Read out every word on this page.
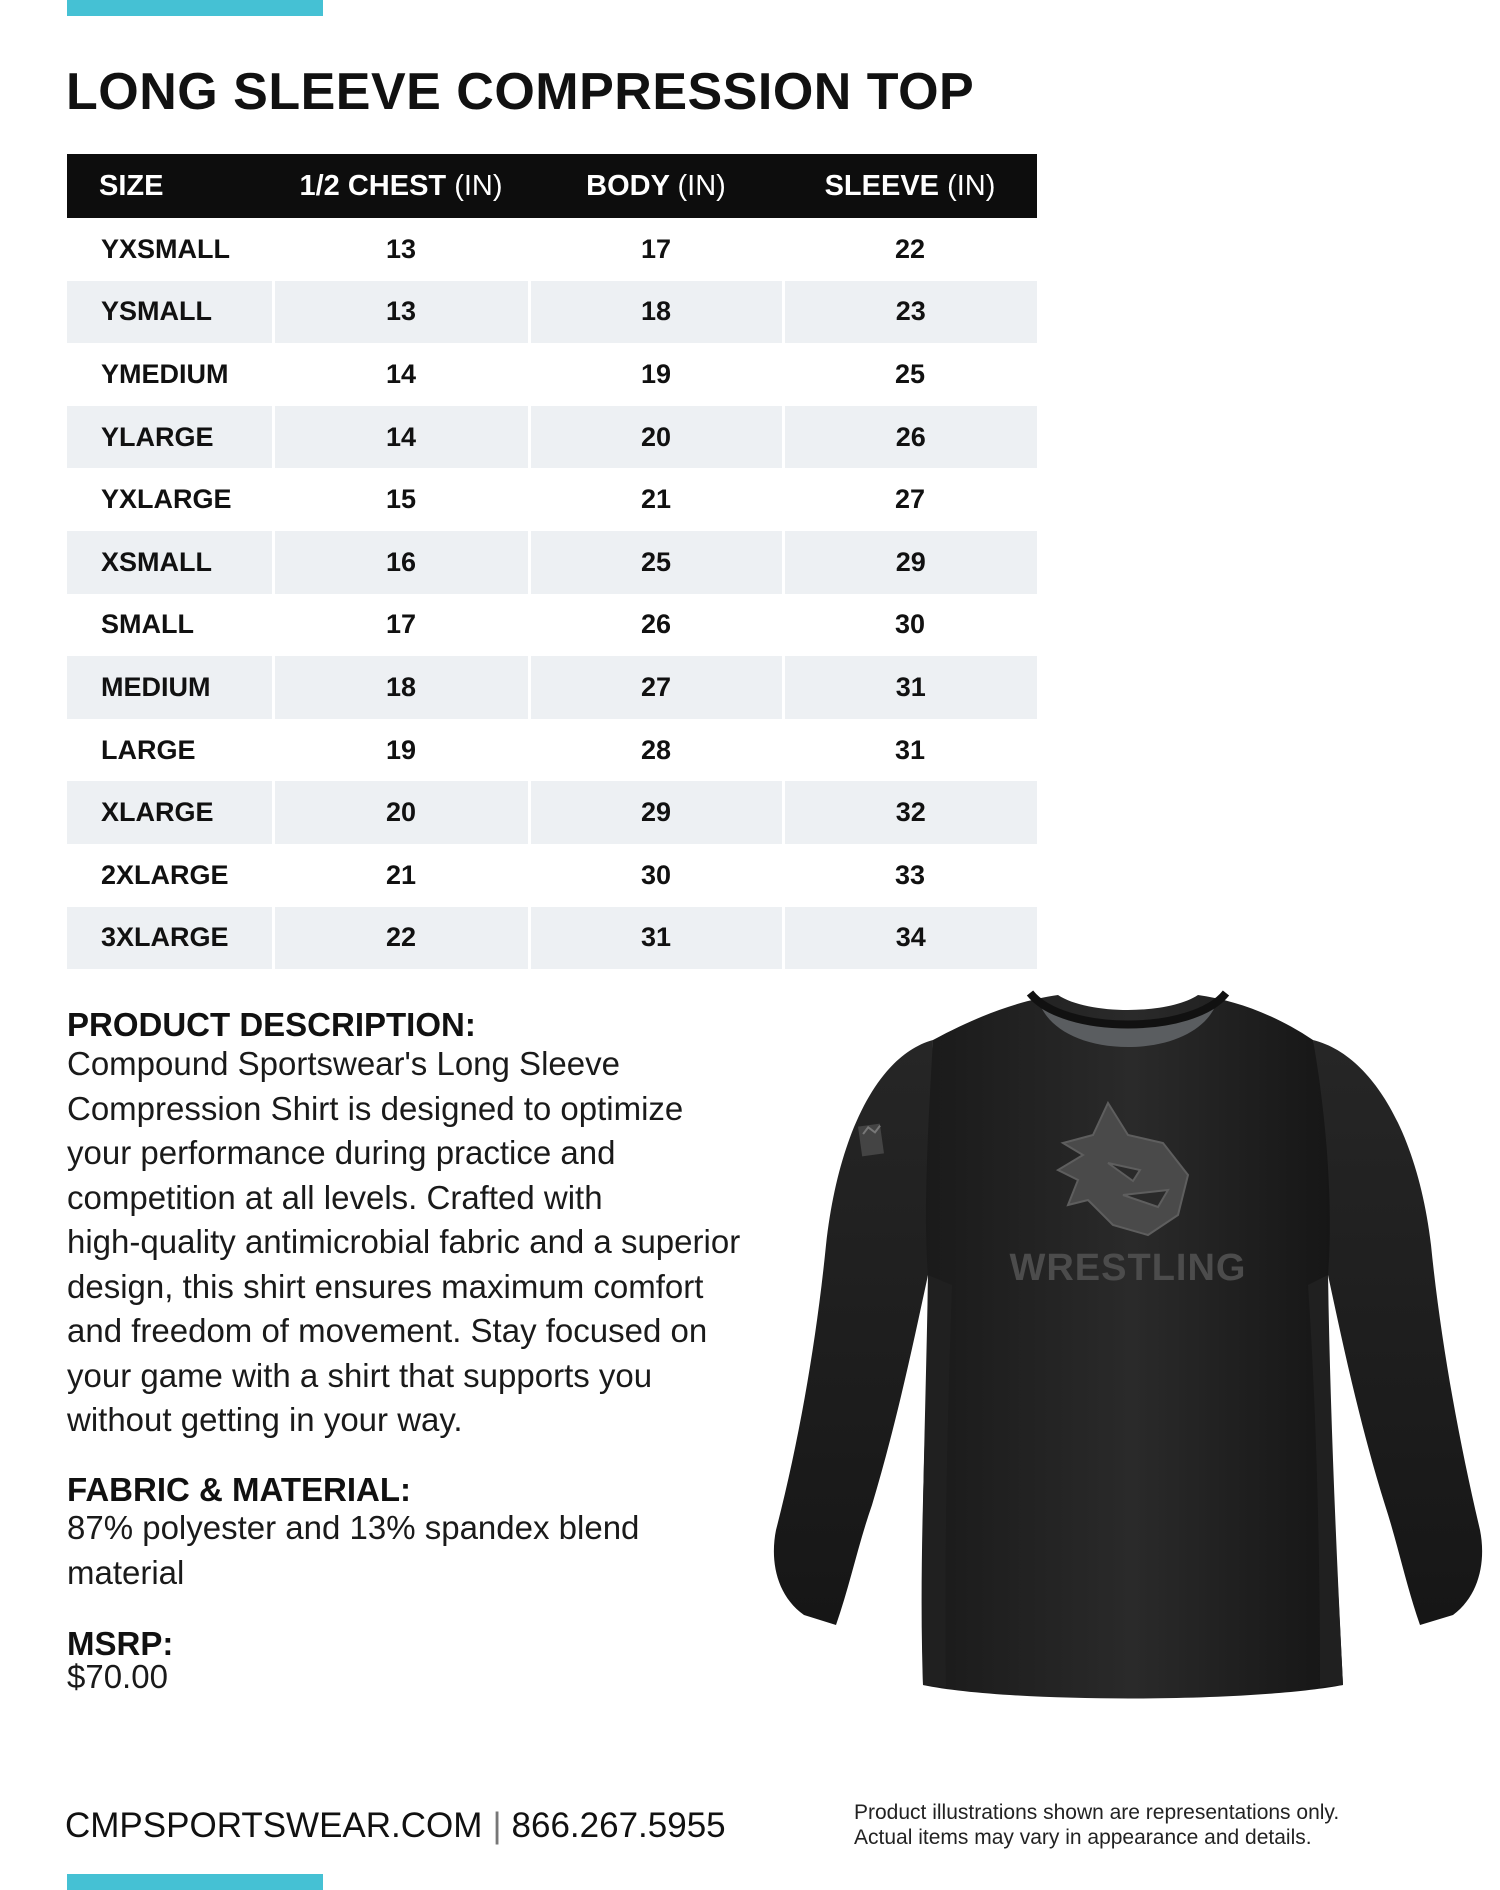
LONG SLEEVE COMPRESSION TOP
SIZE	1/2 CHEST (IN)	BODY (IN)	SLEEVE (IN)
YXSMALL	13	17	22
YSMALL	13	18	23
YMEDIUM	14	19	25
YLARGE	14	20	26
YXLARGE	15	21	27
XSMALL	16	25	29
SMALL	17	26	30
MEDIUM	18	27	31
LARGE	19	28	31
XLARGE	20	29	32
2XLARGE	21	30	33
3XLARGE	22	31	34
PRODUCT DESCRIPTION:
Compound Sportswear's Long Sleeve
Compression Shirt is designed to optimize
your performance during practice and
competition at all levels. Crafted with
high-quality antimicrobial fabric and a superior
design, this shirt ensures maximum comfort
and freedom of movement. Stay focused on
your game with a shirt that supports you
without getting in your way.
FABRIC & MATERIAL:
87% polyester and 13% spandex blend
material
MSRP:
$70.00
WRESTLING
CMPSPORTSWEAR.COM | 866.267.5955	Product illustrations shown are representations only.
Actual items may vary in appearance and details.
